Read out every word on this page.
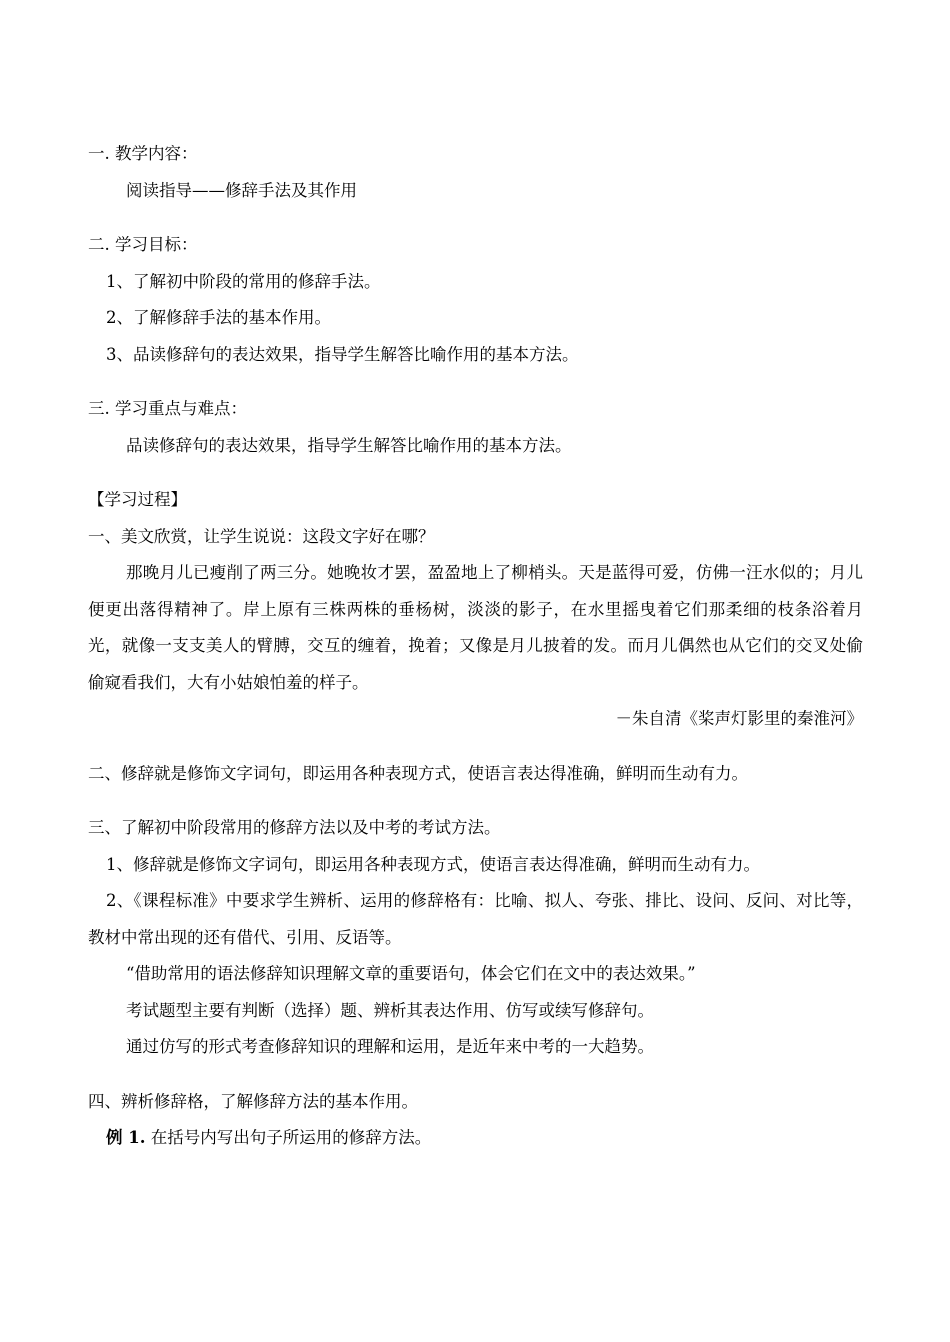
一. 教学内容：
阅读指导——修辞手法及其作用
二. 学习目标：
1、了解初中阶段的常用的修辞手法。
2、了解修辞手法的基本作用。
3、品读修辞句的表达效果，指导学生解答比喻作用的基本方法。
三. 学习重点与难点：
品读修辞句的表达效果，指导学生解答比喻作用的基本方法。
【学习过程】
一、美文欣赏，让学生说说：这段文字好在哪？

那晚月儿已瘦削了两三分。她晚妆才罢，盈盈地上了柳梢头。天是蓝得可爱，仿佛一汪水似的；月儿便更出落得精神了。岸上原有三株两株的垂杨树，淡淡的影子，在水里摇曳着它们那柔细的枝条浴着月光，就像一支支美人的臂膊，交互的缠着，挽着；又像是月儿披着的发。而月儿偶然也从它们的交叉处偷偷窥看我们，大有小姑娘怕羞的样子。

－朱自清《桨声灯影里的秦淮河》
二、修辞就是修饰文字词句，即运用各种表现方式，使语言表达得准确，鲜明而生动有力。
三、了解初中阶段常用的修辞方法以及中考的考试方法。
1、修辞就是修饰文字词句，即运用各种表现方式，使语言表达得准确，鲜明而生动有力。

2、《课程标准》中要求学生辨析、运用的修辞格有：比喻、拟人、夸张、排比、设问、反问、对比等，教材中常出现的还有借代、引用、反语等。

“借助常用的语法修辞知识理解文章的重要语句，体会它们在文中的表达效果。”
考试题型主要有判断（选择）题、辨析其表达作用、仿写或续写修辞句。
通过仿写的形式考查修辞知识的理解和运用，是近年来中考的一大趋势。
四、辨析修辞格，了解修辞方法的基本作用。
例 1. 在括号内写出句子所运用的修辞方法。
